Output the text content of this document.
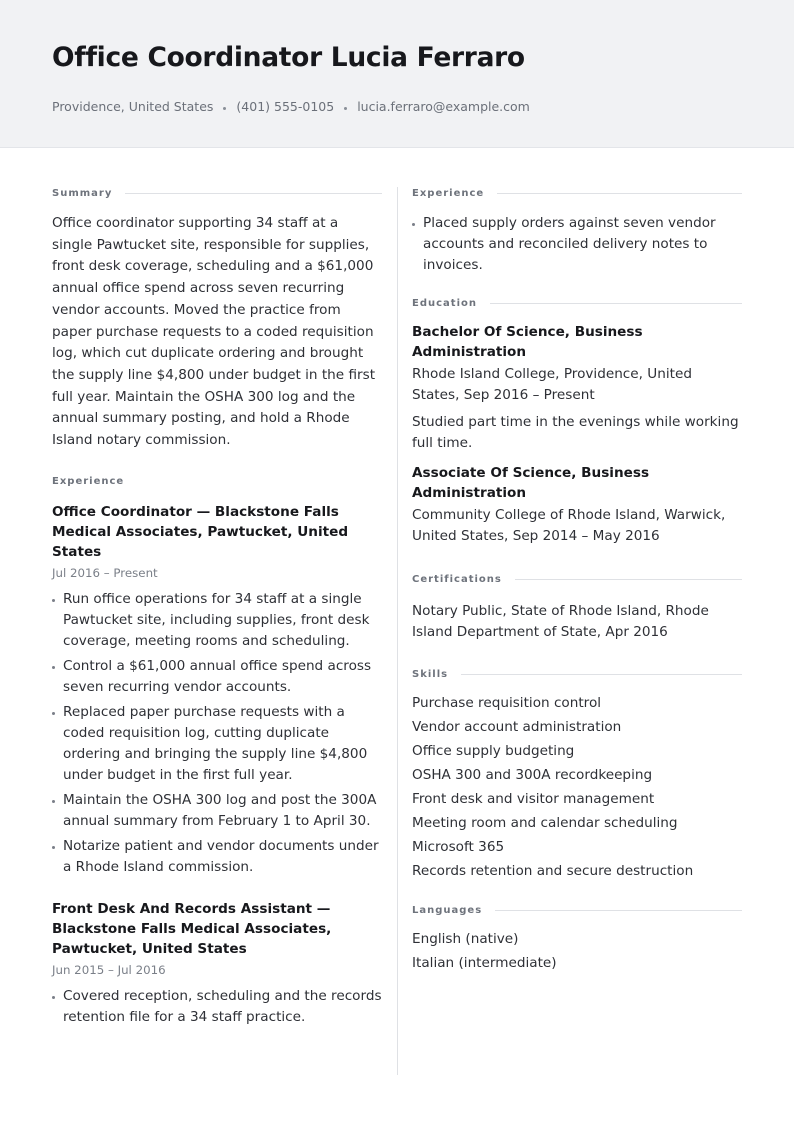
Office Coordinator Lucia Ferraro
Providence, United States (401) 555-0105 lucia.ferraro@example.com
Summary

Office coordinator supporting 34 staff at a single Pawtucket site, responsible for supplies, front desk coverage, scheduling and a $61,000 annual office spend across seven recurring vendor accounts. Moved the practice from paper purchase requests to a coded requisition log, which cut duplicate ordering and brought the supply line $4,800 under budget in the first full year. Maintain the OSHA 300 log and the annual summary posting, and hold a Rhode Island notary commission.

Experience
Office Coordinator — Blackstone Falls Medical Associates, Pawtucket, United States
Jul 2016 – Present
Run office operations for 34 staff at a single Pawtucket site, including supplies, front desk coverage, meeting rooms and scheduling.
Control a $61,000 annual office spend across seven recurring vendor accounts.
Replaced paper purchase requests with a coded requisition log, cutting duplicate ordering and bringing the supply line $4,800 under budget in the first full year.
Maintain the OSHA 300 log and post the 300A annual summary from February 1 to April 30.
Notarize patient and vendor documents under a Rhode Island commission.
Front Desk And Records Assistant — Blackstone Falls Medical Associates, Pawtucket, United States
Jun 2015 – Jul 2016
Covered reception, scheduling and the records retention file for a 34 staff practice.
Experience
Placed supply orders against seven vendor accounts and reconciled delivery notes to invoices.
Education
Bachelor Of Science, Business Administration
Rhode Island College, Providence, United States, Sep 2016 – Present
Studied part time in the evenings while working full time.
Associate Of Science, Business Administration
Community College of Rhode Island, Warwick, United States, Sep 2014 – May 2016
Certifications
Notary Public, State of Rhode Island, Rhode Island Department of State, Apr 2016
Skills
Purchase requisition control
Vendor account administration
Office supply budgeting
OSHA 300 and 300A recordkeeping
Front desk and visitor management
Meeting room and calendar scheduling
Microsoft 365
Records retention and secure destruction
Languages
English (native)
Italian (intermediate)
